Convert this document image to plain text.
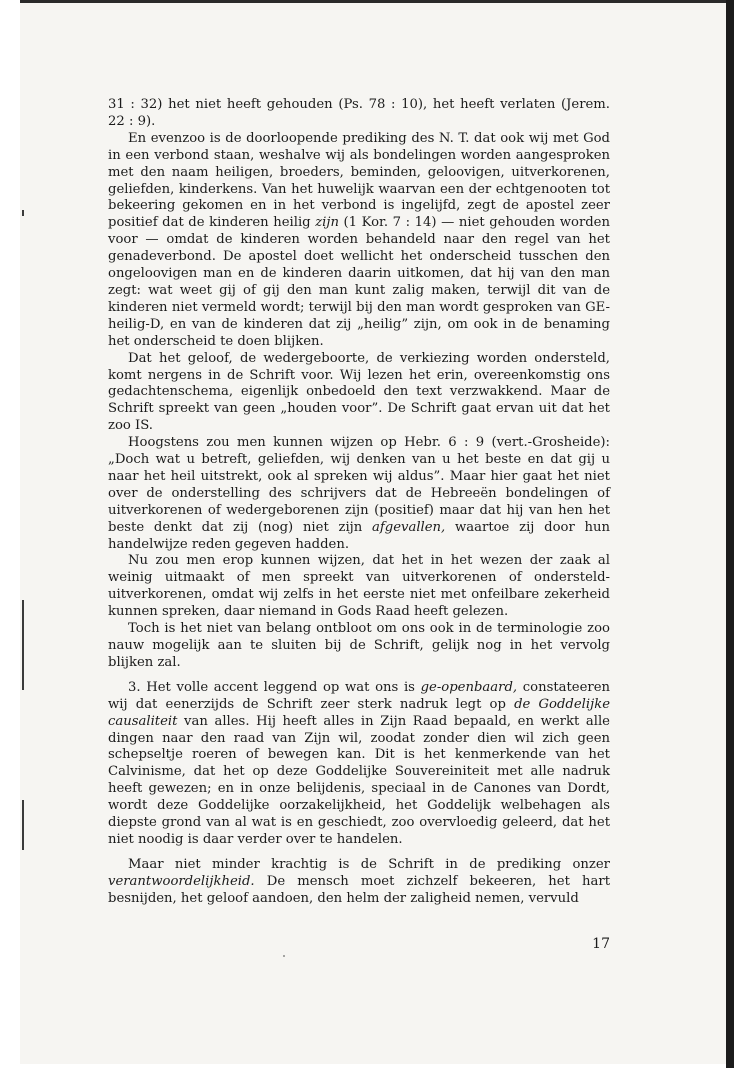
31 : 32) het niet heeft gehouden (Ps. 78 : 10), het heeft verlaten (Jerem. 22 : 9).

En evenzoo is de doorloopende prediking des N. T. dat ook wij met God in een verbond staan, weshalve wij als bondelingen worden aangesproken met den naam heiligen, broeders, beminden, geloovigen, uitverkorenen, geliefden, kinderkens. Van het huwelijk waarvan een der echtgenooten tot bekeering gekomen en in het verbond is ingelijfd, zegt de apostel zeer positief dat de kinderen heilig zijn (1 Kor. 7 : 14) — niet gehouden worden voor — omdat de kinderen worden behandeld naar den regel van het genadeverbond. De apostel doet wellicht het onderscheid tusschen den ongeloovigen man en de kinderen daarin uitkomen, dat hij van den man zegt: wat weet gij of gij den man kunt zalig maken, terwijl dit van de kinderen niet vermeld wordt; terwijl bij den man wordt gesproken van GE-heilig-D, en van de kinderen dat zij „heilig” zijn, om ook in de benaming het onderscheid te doen blijken.

Dat het geloof, de wedergeboorte, de verkiezing worden ondersteld, komt nergens in de Schrift voor. Wij lezen het erin, overeenkomstig ons gedachtenschema, eigenlijk onbedoeld den text verzwakkend. Maar de Schrift spreekt van geen „houden voor”. De Schrift gaat ervan uit dat het zoo IS.

Hoogstens zou men kunnen wijzen op Hebr. 6 : 9 (vert.-Grosheide): „Doch wat u betreft, geliefden, wij denken van u het beste en dat gij u naar het heil uitstrekt, ook al spreken wij aldus”. Maar hier gaat het niet over de onderstelling des schrijvers dat de Hebreeën bondelingen of uitverkorenen of wedergeborenen zijn (positief) maar dat hij van hen het beste denkt dat zij (nog) niet zijn afgevallen, waartoe zij door hun handelwijze reden gegeven hadden.

Nu zou men erop kunnen wijzen, dat het in het wezen der zaak al weinig uitmaakt of men spreekt van uitverkorenen of ondersteld-uitverkorenen, omdat wij zelfs in het eerste niet met onfeilbare zekerheid kunnen spreken, daar niemand in Gods Raad heeft gelezen.

Toch is het niet van belang ontbloot om ons ook in de terminologie zoo nauw mogelijk aan te sluiten bij de Schrift, gelijk nog in het vervolg blijken zal.

3. Het volle accent leggend op wat ons is ge-openbaard, constateeren wij dat eenerzijds de Schrift zeer sterk nadruk legt op de Goddelijke causaliteit van alles. Hij heeft alles in Zijn Raad bepaald, en werkt alle dingen naar den raad van Zijn wil, zoodat zonder dien wil zich geen schepseltje roeren of bewegen kan. Dit is het kenmerkende van het Calvinisme, dat het op deze Goddelijke Souvereiniteit met alle nadruk heeft gewezen; en in onze belijdenis, speciaal in de Canones van Dordt, wordt deze Goddelijke oorzakelijkheid, het Goddelijk welbehagen als diepste grond van al wat is en geschiedt, zoo overvloedig geleerd, dat het niet noodig is daar verder over te handelen.

Maar niet minder krachtig is de Schrift in de prediking onzer verantwoordelijkheid. De mensch moet zichzelf bekeeren, het hart besnijden, het geloof aandoen, den helm der zaligheid nemen, vervuld

17
